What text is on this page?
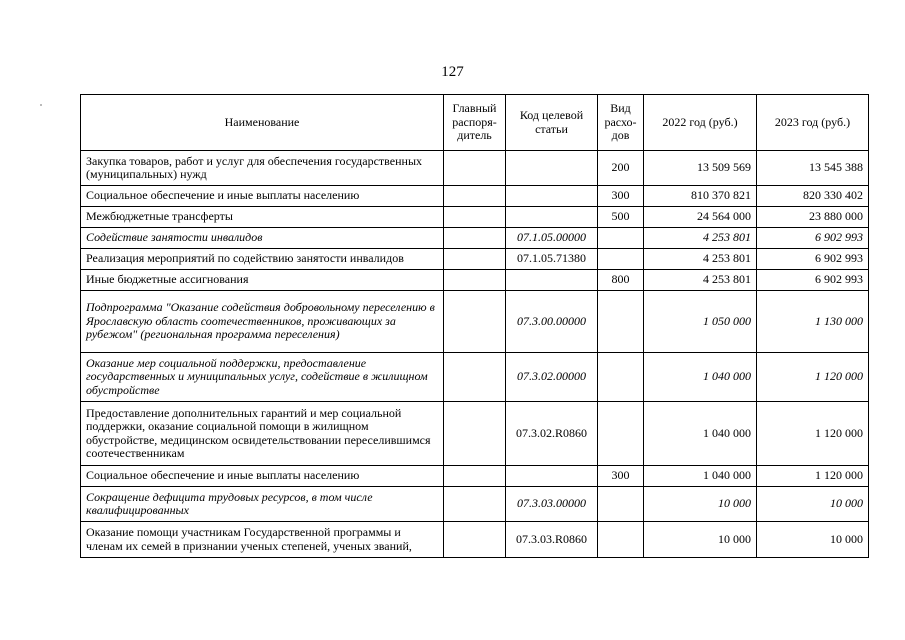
127
Наименование	Главный распоря-дитель	Код целевой статьи	Вид расхо-дов	2022 год (руб.)	2023 год (руб.)
Закупка товаров, работ и услуг для обеспечения государственных (муниципальных) нужд			200	13 509 569	13 545 388
Социальное обеспечение и иные выплаты населению			300	810 370 821	820 330 402
Межбюджетные трансферты			500	24 564 000	23 880 000
Содействие занятости инвалидов		07.1.05.00000		4 253 801	6 902 993
Реализация мероприятий по содействию занятости инвалидов		07.1.05.71380		4 253 801	6 902 993
Иные бюджетные ассигнования			800	4 253 801	6 902 993
Подпрограмма "Оказание содействия добровольному переселению в Ярославскую область соотечественников, проживающих за рубежом" (региональная программа переселения)		07.3.00.00000		1 050 000	1 130 000
Оказание мер социальной поддержки, предоставление государственных и муниципальных услуг, содействие в жилищном обустройстве		07.3.02.00000		1 040 000	1 120 000
Предоставление дополнительных гарантий и мер социальной поддержки, оказание социальной помощи в жилищном обустройстве, медицинском освидетельствовании переселившимся соотечественникам		07.3.02.R0860		1 040 000	1 120 000
Социальное обеспечение и иные выплаты населению			300	1 040 000	1 120 000
Сокращение дефицита трудовых ресурсов, в том числе квалифицированных		07.3.03.00000		10 000	10 000
Оказание помощи участникам Государственной программы и членам их семей в признании ученых степеней, ученых званий,		07.3.03.R0860		10 000	10 000
